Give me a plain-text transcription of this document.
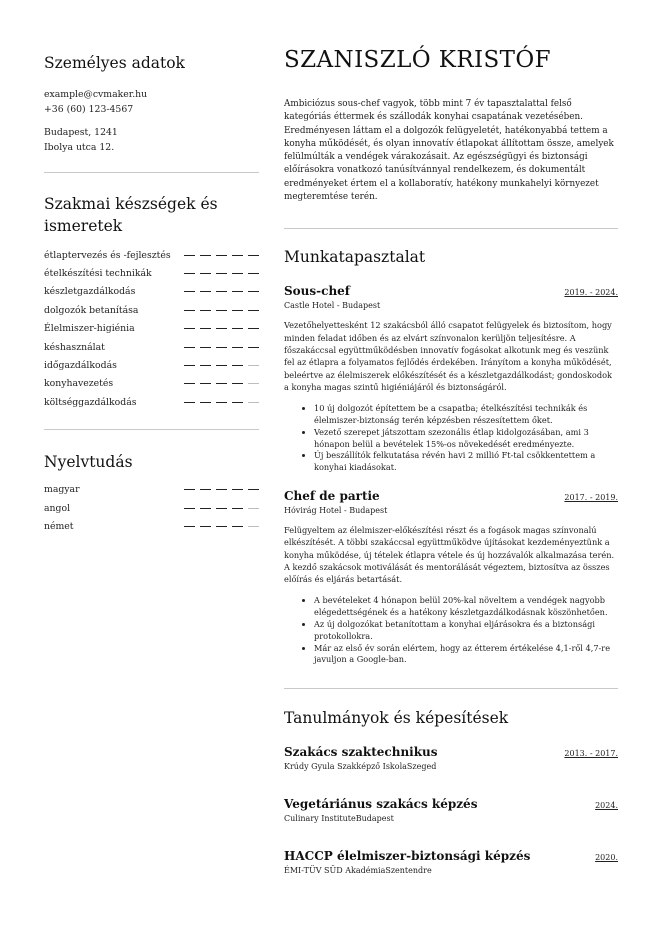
Személyes adatok
example@cvmaker.hu
+36 (60) 123-4567
Budapest, 1241
Ibolya utca 12.
Szakmai készségek és ismeretek
étlaptervezés és -fejlesztés
ételkészítési technikák
készletgazdálkodás
dolgozók betanítása
Élelmiszer-higiénia
késhasználat
időgazdálkodás
konyhavezetés
költséggazdálkodás
Nyelvtudás
magyar
angol
német
SZANISZLÓ KRISTÓF

Ambiciózus sous-chef vagyok, több mint 7 év tapasztalattal felső kategóriás éttermek és szállodák konyhai csapatának vezetésében. Eredményesen láttam el a dolgozók felügyeletét, hatékonyabbá tettem a konyha működését, és olyan innovatív étlapokat állítottam össze, amelyek felülmúlták a vendégek várakozásait. Az egészségügyi és biztonsági előírásokra vonatkozó tanúsítvánnyal rendelkezem, és dokumentált eredményeket értem el a kollaboratív, hatékony munkahelyi környezet megteremtése terén.

Munkatapasztalat
Sous-chef	2019. - 2024.
Castle Hotel - Budapest

Vezetőhelyettesként 12 szakácsból álló csapatot felügyelek és biztosítom, hogy minden feladat időben és az elvárt színvonalon kerüljön teljesítésre. A főszakáccsal együttműködésben innovatív fogásokat alkotunk meg és veszünk fel az étlapra a folyamatos fejlődés érdekében. Irányítom a konyha működését, beleértve az élelmiszerek előkészítését és a készletgazdálkodást; gondoskodok a konyha magas szintű higiéniájáról és biztonságáról.

• 10 új dolgozót építettem be a csapatba; ételkészítési technikák és élelmiszer-biztonság terén képzésben részesítettem őket.
• Vezető szerepet játszottam szezonális étlap kidolgozásában, ami 3 hónapon belül a bevételek 15%-os növekedését eredményezte.
• Új beszállítók felkutatása révén havi 2 millió Ft-tal csökkentettem a konyhai kiadásokat.
Chef de partie	2017. - 2019.
Hóvirág Hotel - Budapest

Felügyeltem az élelmiszer-előkészítési részt és a fogások magas színvonalú elkészítését. A többi szakáccsal együttműködve újításokat kezdeményeztünk a konyha működése, új tételek étlapra vétele és új hozzávalók alkalmazása terén. A kezdő szakácsok motiválását és mentorálását végeztem, biztosítva az összes előírás és eljárás betartását.

• A bevételeket 4 hónapon belül 20%-kal növeltem a vendégek nagyobb elégedettségének és a hatékony készletgazdálkodásnak köszönhetően.
• Az új dolgozókat betanítottam a konyhai eljárásokra és a biztonsági protokollokra.
• Már az első év során elértem, hogy az étterem értékelése 4,1-ről 4,7-re javuljon a Google-ban.
Tanulmányok és képesítések
Szakács szaktechnikus	2013. - 2017.
Krúdy Gyula Szakképző IskolaSzeged
Vegetáriánus szakács képzés	2024.
Culinary InstituteBudapest
HACCP élelmiszer-biztonsági képzés	2020.
ÉMI-TÜV SÜD AkadémiaSzentendre
